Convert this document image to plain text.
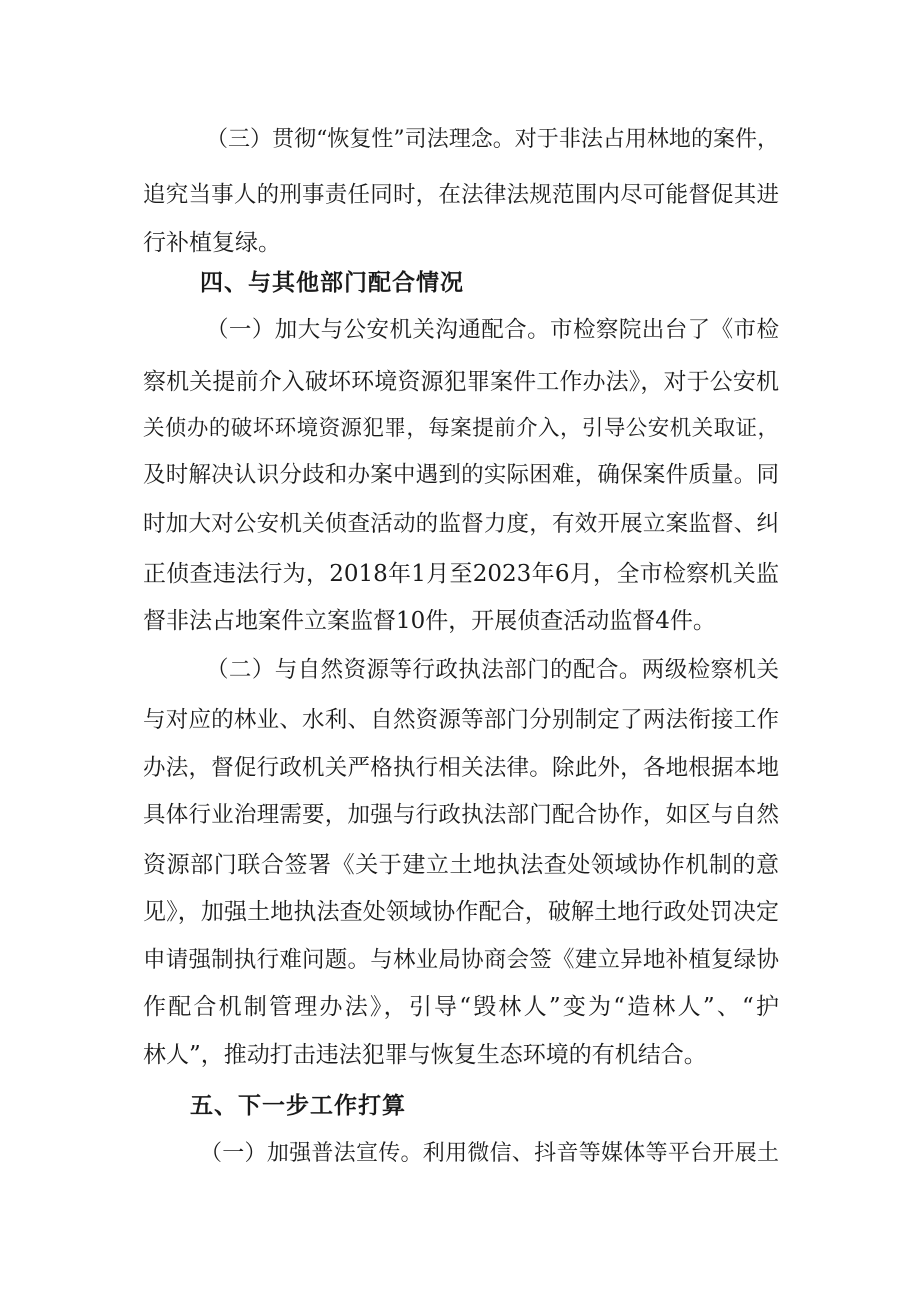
（三）贯彻“恢复性”司法理念。对于非法占用林地的案件，
追究当事人的刑事责任同时，在法律法规范围内尽可能督促其进
行补植复绿。
四、与其他部门配合情况
（一）加大与公安机关沟通配合。市检察院出台了《市检
察机关提前介入破坏环境资源犯罪案件工作办法》，对于公安机
关侦办的破坏环境资源犯罪，每案提前介入，引导公安机关取证，
及时解决认识分歧和办案中遇到的实际困难，确保案件质量。同
时加大对公安机关侦查活动的监督力度，有效开展立案监督、纠
正侦查违法行为，2018年1月至2023年6月，全市检察机关监
督非法占地案件立案监督10件，开展侦查活动监督4件。
（二）与自然资源等行政执法部门的配合。两级检察机关
与对应的林业、水利、自然资源等部门分别制定了两法衔接工作
办法，督促行政机关严格执行相关法律。除此外，各地根据本地
具体行业治理需要，加强与行政执法部门配合协作，如区与自然
资源部门联合签署《关于建立土地执法查处领域协作机制的意
见》，加强土地执法查处领域协作配合，破解土地行政处罚决定
申请强制执行难问题。与林业局协商会签《建立异地补植复绿协
作配合机制管理办法》，引导“毁林人”变为“造林人”、“护
林人”，推动打击违法犯罪与恢复生态环境的有机结合。
五、下一步工作打算
（一）加强普法宣传。利用微信、抖音等媒体等平台开展土
